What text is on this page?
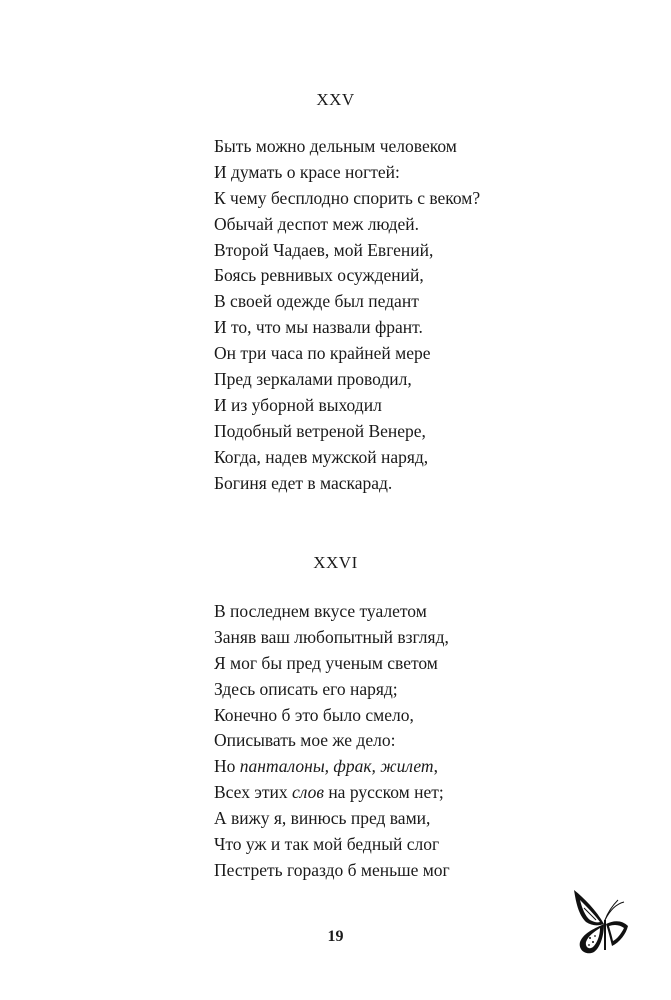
XXV
Быть можно дельным человеком
И думать о красе ногтей:
К чему бесплодно спорить с веком?
Обычай деспот меж людей.
Второй Чадаев, мой Евгений,
Боясь ревнивых осуждений,
В своей одежде был педант
И то, что мы назвали франт.
Он три часа по крайней мере
Пред зеркалами проводил,
И из уборной выходил
Подобный ветреной Венере,
Когда, надев мужской наряд,
Богиня едет в маскарад.
XXVI
В последнем вкусе туалетом
Заняв ваш любопытный взгляд,
Я мог бы пред ученым светом
Здесь описать его наряд;
Конечно б это было смело,
Описывать мое же дело:
Но панталоны, фрак, жилет,
Всех этих слов на русском нет;
А вижу я, винюсь пред вами,
Что уж и так мой бедный слог
Пестреть гораздо б меньше мог
19
